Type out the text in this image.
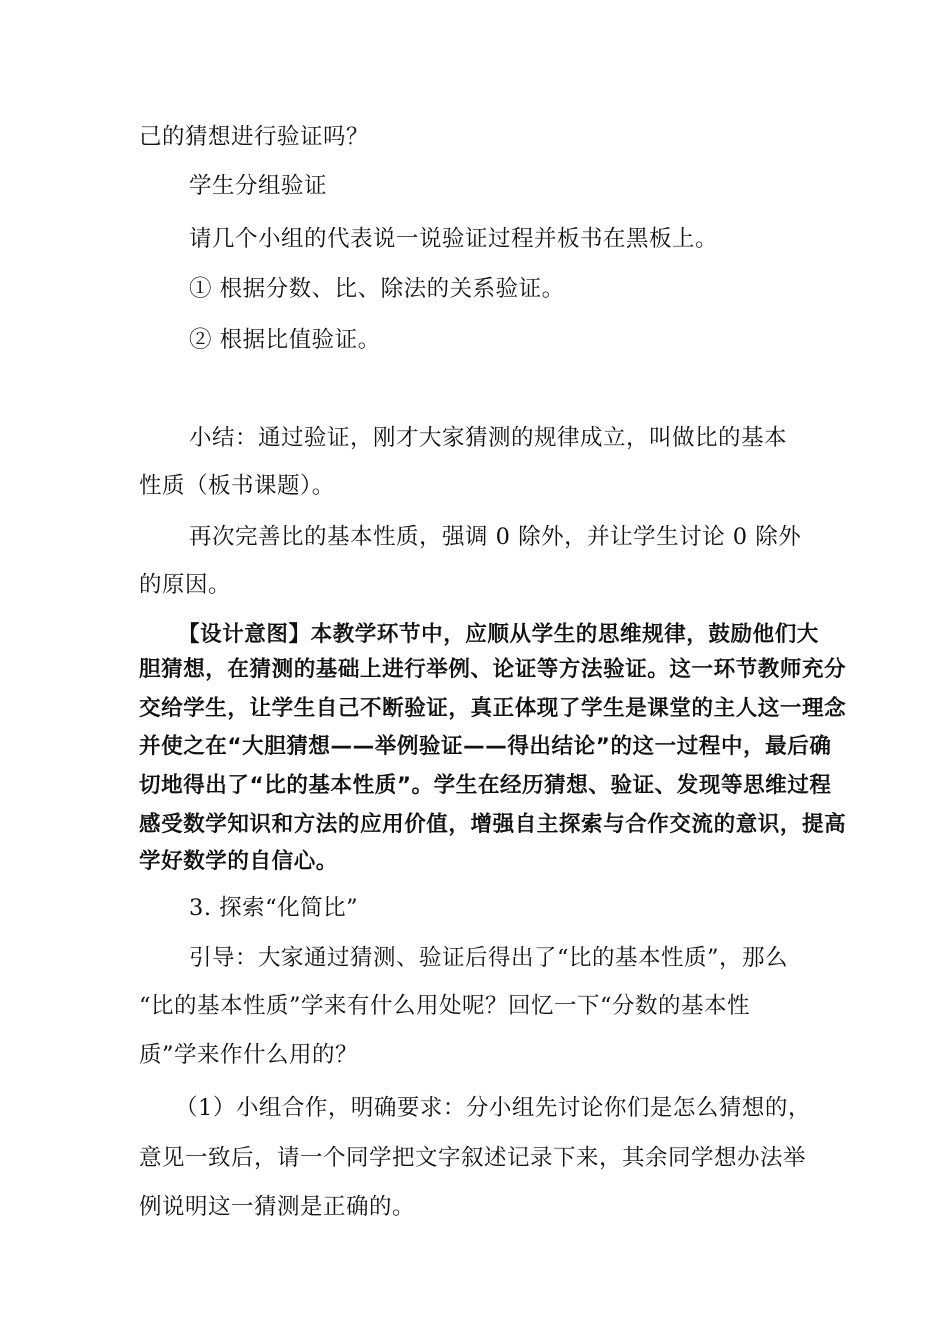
己的猜想进行验证吗？
学生分组验证
请几个小组的代表说一说验证过程并板书在黑板上。
① 根据分数、比、除法的关系验证。
② 根据比值验证。
小结：通过验证，刚才大家猜测的规律成立，叫做比的基本
性质（板书课题）。
再次完善比的基本性质，强调 0 除外，并让学生讨论 0 除外
的原因。
【设计意图】本教学环节中，应顺从学生的思维规律，鼓励他们大
胆猜想，在猜测的基础上进行举例、论证等方法验证。这一环节教师充分
交给学生，让学生自己不断验证，真正体现了学生是课堂的主人这一理念
并使之在“大胆猜想——举例验证——得出结论”的这一过程中，最后确
切地得出了“比的基本性质”。学生在经历猜想、验证、发现等思维过程
感受数学知识和方法的应用价值，增强自主探索与合作交流的意识，提高
学好数学的自信心。
3. 探索“化简比”
引导：大家通过猜测、验证后得出了“比的基本性质”，那么
“比的基本性质”学来有什么用处呢？回忆一下“分数的基本性
质”学来作什么用的？
（1）小组合作，明确要求：分小组先讨论你们是怎么猜想的，
意见一致后，请一个同学把文字叙述记录下来，其余同学想办法举
例说明这一猜测是正确的。
